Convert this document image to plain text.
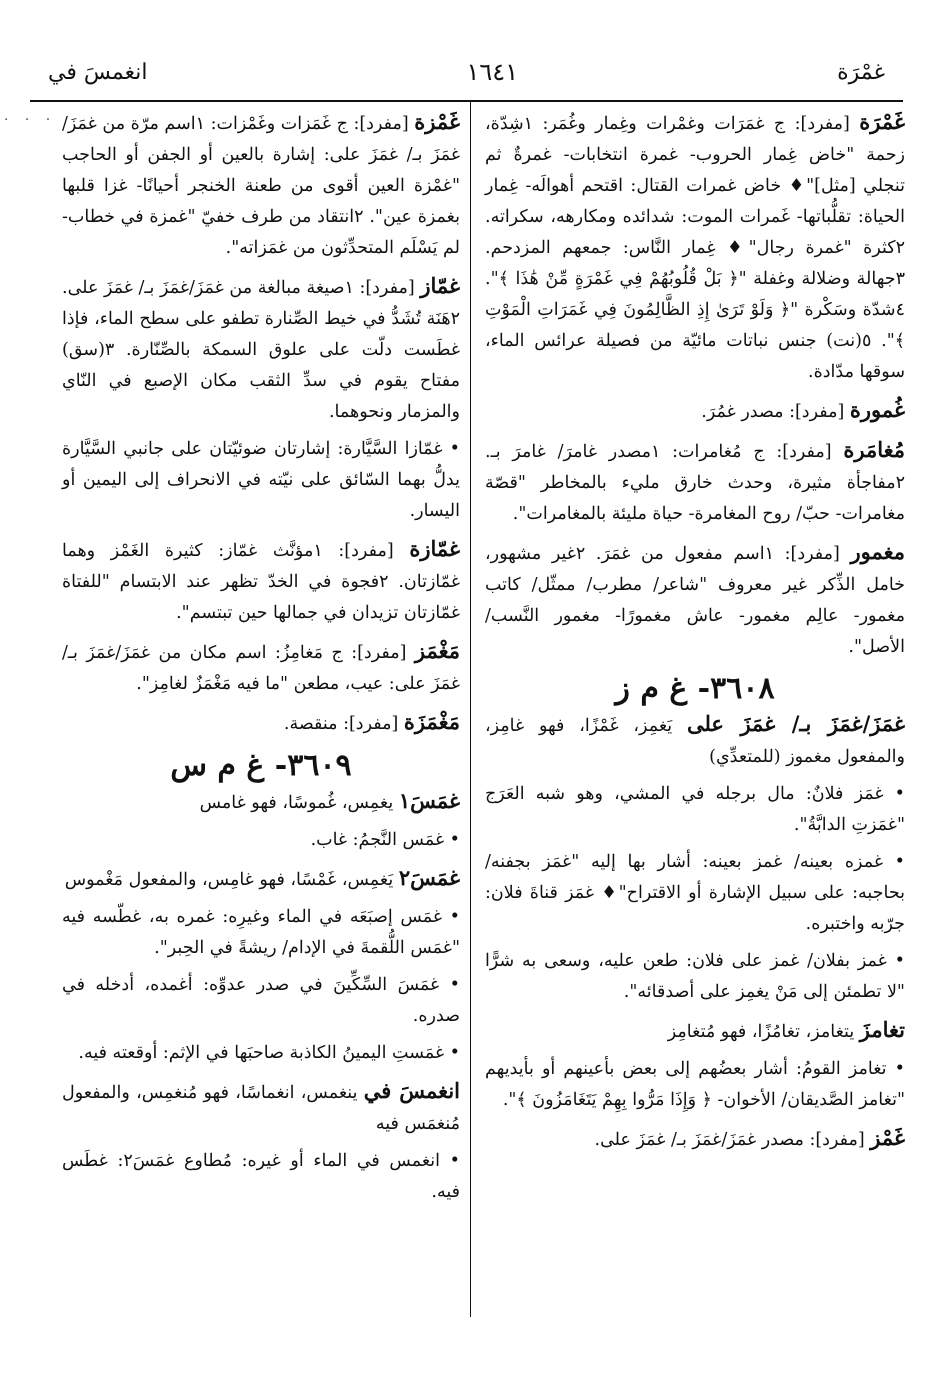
غمْرَة
١٦٤١
انغمسَ في
· · ·	غَمْرَة [مفرد]: ج غمَرَات وغمْرات وغِمار وغُمَر: ١شِدّة، زحمة "خاض غِمار الحروب- غمرة انتخابات- غمرةٌ ثم تنجلي [مثل]"♦ خاض غمرات القتال: اقتحم أهوالَه- غِمار الحياة: تقلُّباتها- غَمرات الموت: شدائده ومكارهه، سكراته. ٢كثرة "غمرة رجال"♦ غِمار النَّاس: جمعهم المزدحم. ٣جهالة وضلالة وغفلة "﴿ بَلْ قُلُوبُهُمْ فِي غَمْرَةٍ مِّنْ هَٰذَا ﴾". ٤شدّة وسَكْرة "﴿ وَلَوْ تَرَىٰ إِذِ الظَّالِمُونَ فِي غَمَرَاتِ الْمَوْتِ ﴾". ٥(نت) جنس نباتات مائيّة من فصيلة عرائس الماء، سوقها مدّادة.
غُمورة [مفرد]: مصدر غمُرَ.
مُغامَرة [مفرد]: ج مُغامرات: ١مصدر غامرَ/ غامرَ بـ. ٢مفاجأة مثيرة، وحدث خارق مليء بالمخاطر "قصّة مغامرات- حبّ/ روح المغامرة- حياة مليئة بالمغامرات".
مغمور [مفرد]: ١اسم مفعول من غمَرَ. ٢غير مشهور، خامل الذِّكر غير معروف "شاعر/ مطرب/ ممثّل/ كاتب مغمور- عالِم مغمور- عاش مغمورًا- مغمور النَّسب/ الأصل".
٣٦٠٨- غ م ز
غمَزَ/غمَزَ بـ/ غمَزَ على يَغمِز، غَمْزًا، فهو غامِز، والمفعول مغموز (للمتعدِّي)
• غمَز فلانٌ: مال برجله في المشي، وهو شبه العَرَج "غمَزتِ الدابَّةُ".
• غمزه بعينه/ غمز بعينه: أشار بها إليه "غمَز بجفنه/ بحاجبه: على سبيل الإشارة أو الاقتراح"♦ غمَز قناةَ فلان: جرّبه واختبره.
• غمز بفلان/ غمز على فلان: طعن عليه، وسعى به شرًّا "لا تطمئن إلى مَنْ يغمِز على أصدقائه".
تغامزَ يتغامز، تغامُزًا، فهو مُتغامِز
• تغامز القومُ: أشار بعضُهم إلى بعض بأعينهم أو بأيديهم "تغامز الصَّديقان/ الأخوان- ﴿ وَإِذَا مَرُّوا بِهِمْ يَتَغَامَزُونَ ﴾".
غَمْز [مفرد]: مصدر غمَزَ/غمَزَ بـ/ غمَزَ على.
غَمْزة [مفرد]: ج غَمَزات وغَمْزات: ١اسم مرّة من غمَزَ/غمَزَ بـ/ غمَزَ على: إشارة بالعين أو الجفن أو الحاجب "غمْزة العين أقوى من طعنة الخنجر أحيانًا- غزا قلبها بغمزة عين". ٢انتقاد من طرف خفيّ "غمزة في خطاب- لم يَسْلَم المتحدِّثون من غمَزاته".
غمّاز [مفرد]: ١صيغة مبالغة من غمَزَ/غمَزَ بـ/ غمَزَ على. ٢هَنَة تُشَدُّ في خيط الصِّنارة تطفو على سطح الماء، فإذا غطَست دلّت على علوق السمكة بالصِّنّارة. ٣(سق) مفتاح يقوم في سدِّ الثقب مكان الإصبع في النّاي والمزمار ونحوهما.
• غمّازا السَّيَّارة: إشارتان ضوئيّتان على جانبي السَّيَّارة يدلُّ بهما السّائق على نيّته في الانحراف إلى اليمين أو اليسار.
غمّازة [مفرد]: ١مؤنَّث غمّاز: كثيرة الغَمْز وهما غمّازتان. ٢فجوة في الخدّ تظهر عند الابتسام "للفتاة غمّازتان تزيدان في جمالها حين تبتسم".
مَغْمَز [مفرد]: ج مَغامِزُ: اسم مكان من غمَزَ/غمَزَ بـ/ غمَزَ على: عيب، مطعن "ما فيه مَغْمَزٌ لغامِز".
مَغْمَزَة [مفرد]: منقصة.
٣٦٠٩- غ م س
غمَسَ١ يغمِس، غُموسًا، فهو غامس
• غمَس النَّجمُ: غاب.
غمَسَ٢ يَغمِس، غَمْسًا، فهو غامِس، والمفعول مَغْموس
• غمَس إصبَعَه في الماء وغيرِه: غمره به، غطّسه فيه "غمَس اللُّقمةَ في الإدام/ ريشةً في الحِبر".
• غمَسَ السِّكِّينَ في صدر عدوِّه: أغمده، أدخله في صدره.
• غمَستِ اليمينُ الكاذبة صاحبَها في الإثم: أوقعته فيه.
انغمسَ في ينغمس، انغماسًا، فهو مُنغمِس، والمفعول مُنغمَس فيه
• انغمس في الماء أو غيره: مُطاوع غمَسَ٢: غطَس فيه.
